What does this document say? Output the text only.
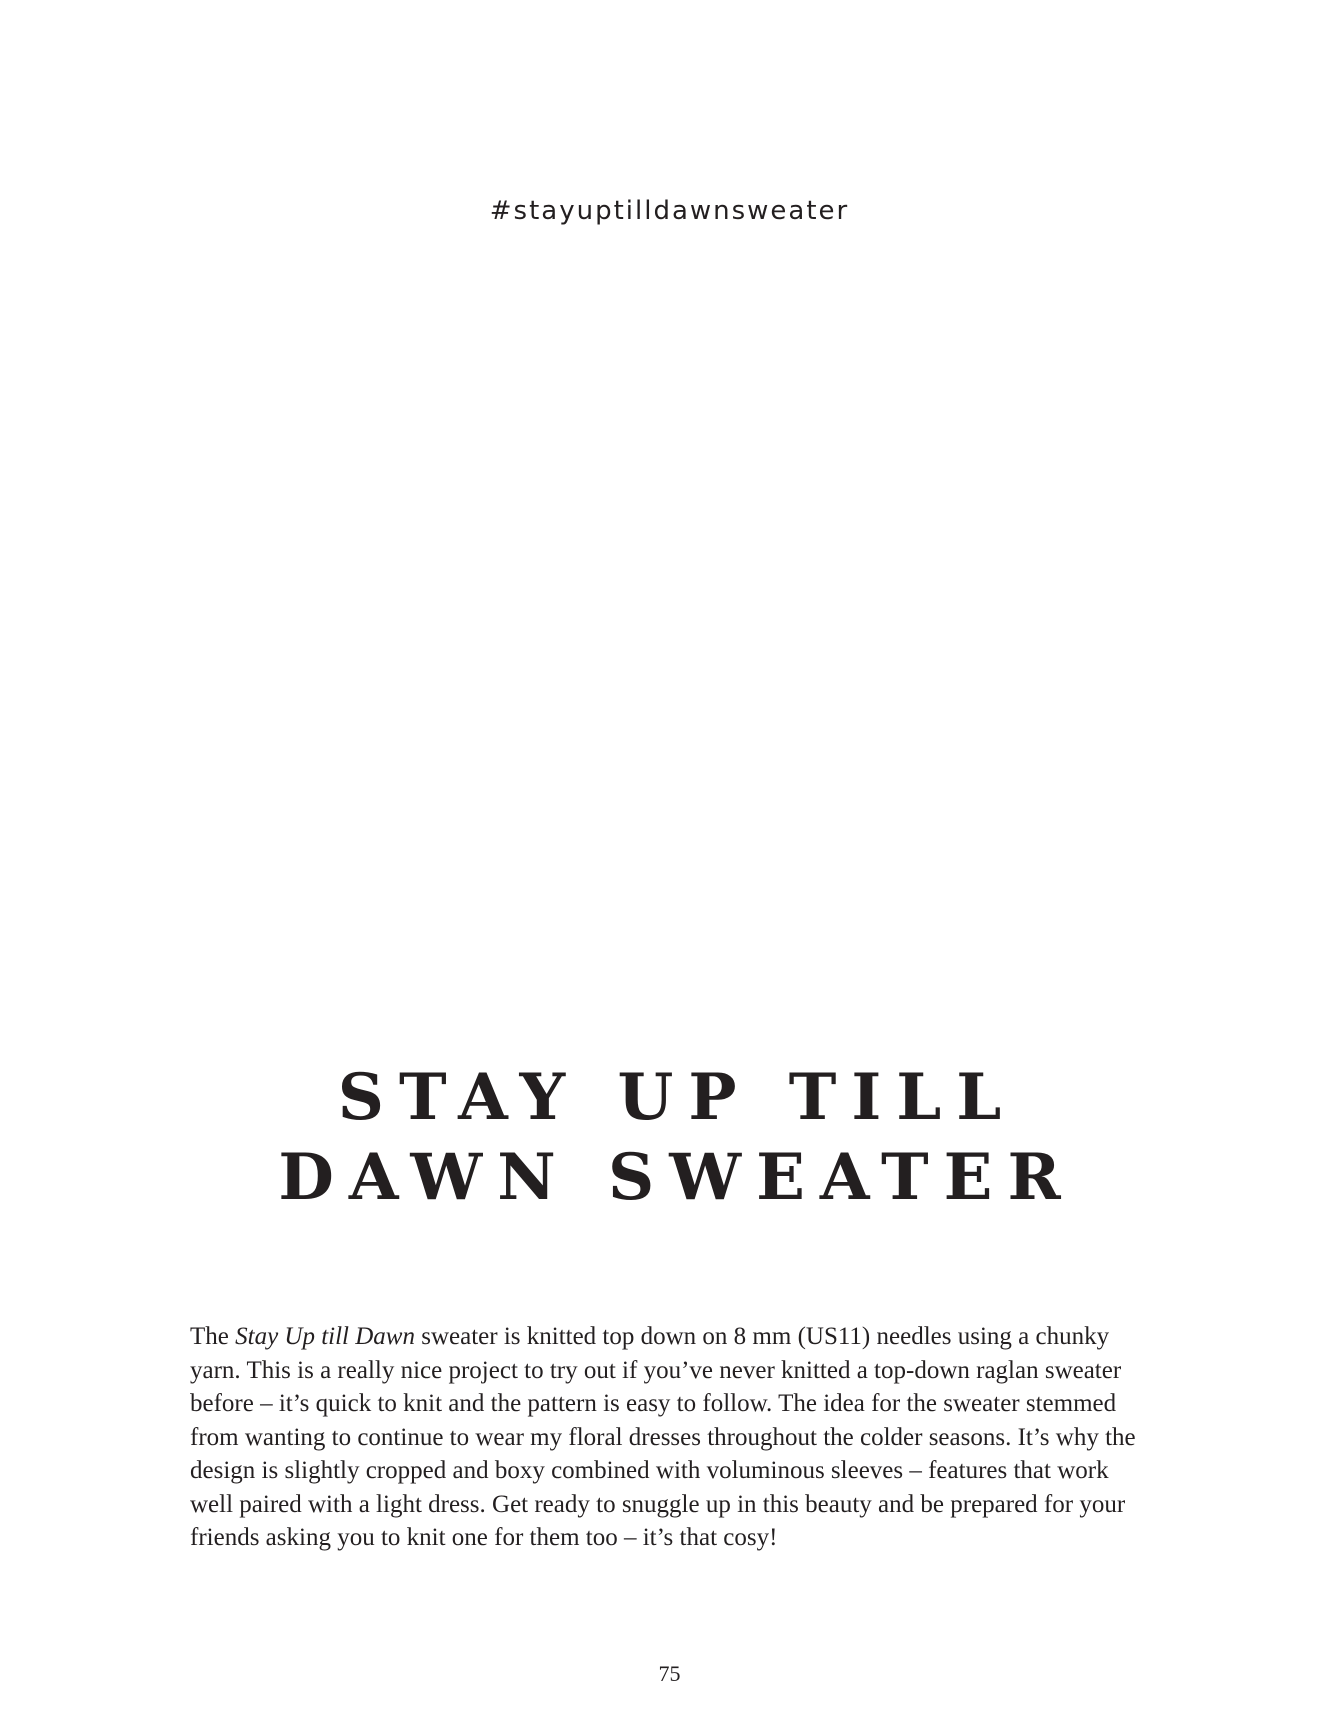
#stayuptilldawnsweater
STAY UP TILL
DAWN SWEATER

The Stay Up till Dawn sweater is knitted top down on 8 mm (US11) needles using a chunky yarn. This is a really nice project to try out if you’ve never knitted a top-down raglan sweater before – it’s quick to knit and the pattern is easy to follow. The idea for the sweater stemmed from wanting to continue to wear my floral dresses throughout the colder seasons. It’s why the design is slightly cropped and boxy combined with voluminous sleeves – features that work well paired with a light dress. Get ready to snuggle up in this beauty and be prepared for your friends asking you to knit one for them too – it’s that cosy!

75
